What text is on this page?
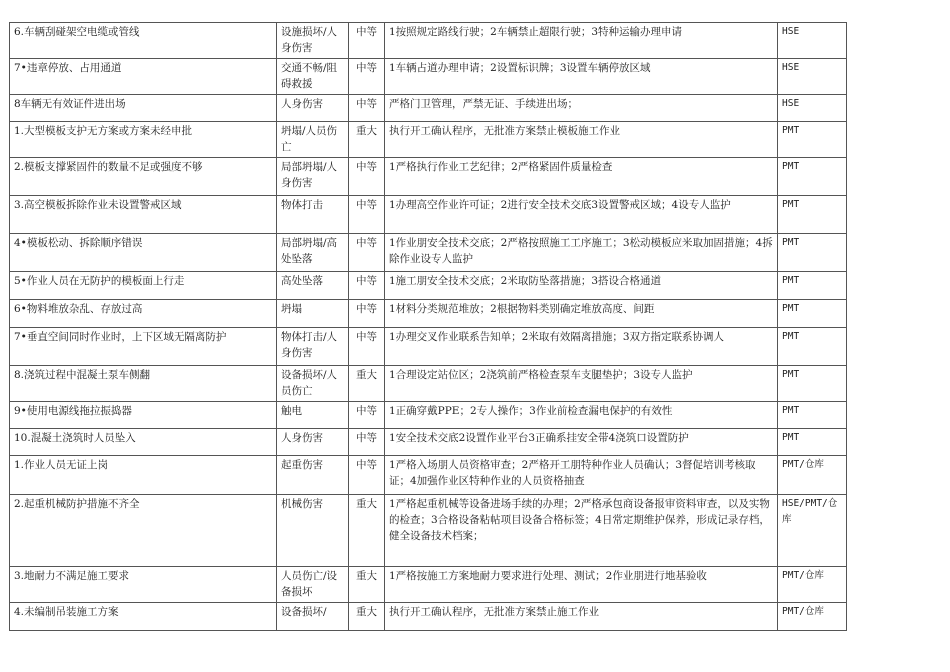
6.车辆刮碰架空电缆或管线	设施损坏/人身伤害	中等	1按照规定路线行驶；2车辆禁止超限行驶；3特种运输办理申请	HSE
7•违章停放、占用通道	交通不畅/阻碍救援	中等	1车辆占道办理申请；2设置标识牌；3设置车辆停放区域	HSE
8车辆无有效证件进出场	人身伤害	中等	严格门卫管理，严禁无证、手续进出场；	HSE
1.大型模板支护无方案或方案未经申批	坍塌/人员伤亡	重大	执行开工确认程序，无批准方案禁止模板施工作业	PMT
2.模板支撑紧固件的数量不足或强度不够	局部坍塌/人身伤害	中等	1严格执行作业工艺纪律；2严格紧固件质量检查	PMT
3.高空模板拆除作业未设置警戒区域	物体打击	中等	1办理高空作业许可证；2进行安全技术交底3设置警戒区域；4设专人监护	PMT
4•模板松动、拆除顺序错误	局部坍塌/高处坠落	中等	1作业朋安全技术交底；2严格按照施工工序施工；3松动模板应米取加固措施；4拆除作业设专人监护	PMT
5•作业人员在无防护的模板面上行走	高处坠落	中等	1施工朋安全技术交底；2米取防坠落措施；3搭设合格通道	PMT
6•物料堆放杂乱、存放过高	坍塌	中等	1材料分类规范堆放；2根据物料类别确定堆放高度、间距	PMT
7•垂直空间同时作业时，上下区域无隔离防护	物体打击/人身伤害	中等	1办理交叉作业联系告知单；2米取有效隔离措施；3双方指定联系协调人	PMT
8.浇筑过程中混凝土泵车侧翻	设备损坏/人员伤亡	重大	1合理设定站位区；2浇筑前严格检查泵车支腿垫护；3设专人监护	PMT
9•使用电源线拖拉振捣器	触电	中等	1正确穿戴PPE；2专人操作；3作业前检查漏电保护的有效性	PMT
10.混凝土浇筑时人员坠入	人身伤害	中等	1安全技术交底2设置作业平台3正确系挂安全带4浇筑口设置防护	PMT
1.作业人员无证上岗	起重伤害	中等	1严格入场朋人员资格审查；2严格开工朋特种作业人员确认；3督促培训考核取证；4加强作业区特种作业的人员资格抽查	PMT/仓库
2.起重机械防护措施不齐全	机械伤害	重大	1严格起重机械等设备进场手续的办理；2严格承包商设备报审资料审查，以及实物的检查；3合格设备粘帖项目设备合格标签；4日常定期维护保养，形成记录存档，健全设备技术档案；	HSE/PMT/仓库
3.地耐力不满足施工要求	人员伤亡/设备损坏	重大	1严格按施工方案地耐力要求进行处理、测试；2作业朋进行地基验收	PMT/仓库
4.未编制吊装施工方案	设备损坏/	重大	执行开工确认程序，无批准方案禁止施工作业	PMT/仓库
